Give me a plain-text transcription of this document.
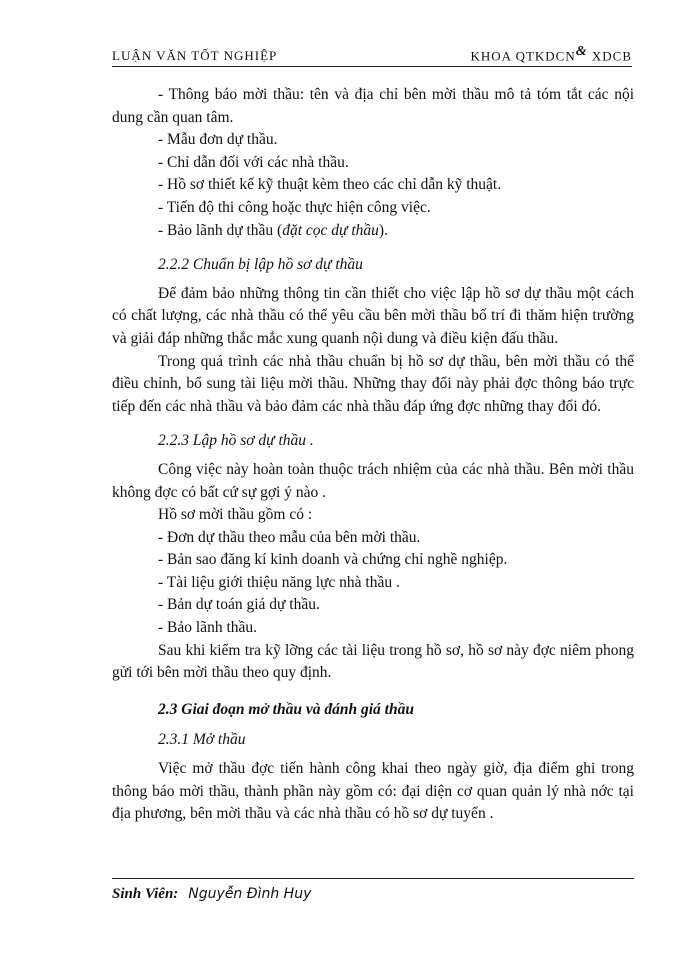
LUẬN VĂN TỐT NGHIỆP	KHOA QTKDCN& XDCB

- Thông báo mời thầu: tên và địa chỉ bên mời thầu mô tả tóm tắt các nội dung cần quan tâm.

- Mẫu đơn dự thầu.

- Chỉ dẫn đối với các nhà thầu.

- Hồ sơ thiết kế kỹ thuật kèm theo các chỉ dẫn kỹ thuật.

- Tiến độ thi công hoặc thực hiện công việc.

- Bảo lãnh dự thầu (đặt cọc dự thầu).

2.2.2 Chuẩn bị lập hồ sơ dự thầu

Để đảm bảo những thông tin cần thiết cho việc lập hồ sơ dự thầu một cách có chất lượng, các nhà thầu có thể yêu cầu bên mời thầu bố trí đi thăm hiện trường và giải đáp những thắc mắc xung quanh nội dung và điều kiện đấu thầu.

Trong quá trình các nhà thầu chuẩn bị hồ sơ dự thầu, bên mời thầu có thể điều chỉnh, bổ sung tài liệu mời thầu. Những thay đổi này phải đợc thông báo trực tiếp đến các nhà thầu và bảo đảm các nhà thầu đáp ứng đợc những thay đổi đó.

2.2.3 Lập hồ sơ dự thầu .

Công việc này hoàn toàn thuộc trách nhiệm của các nhà thầu. Bên mời thầu không đợc có bất cứ sự gợi ý nào .

Hồ sơ mời thầu gồm có :

- Đơn dự thầu theo mẫu của bên mời thầu.

- Bản sao đăng kí kinh doanh và chứng chỉ nghề nghiệp.

- Tài liệu giới thiệu năng lực nhà thầu .

- Bản dự toán giá dự thầu.

- Bảo lãnh thầu.

Sau khi kiểm tra kỹ lỡng các tài liệu trong hồ sơ, hồ sơ này đợc niêm phong gửi tới bên mời thầu theo quy định.

2.3 Giai đoạn mở thầu và đánh giá thầu

2.3.1 Mở thầu

Việc mở thầu đợc tiến hành công khai theo ngày giờ, địa điểm ghi trong thông báo mời thầu, thành phần này gồm có: đại diện cơ quan quản lý nhà nớc tại địa phương, bên mời thầu và các nhà thầu có hồ sơ dự tuyển .

Sinh Viên: Nguyễn Đình Huy
